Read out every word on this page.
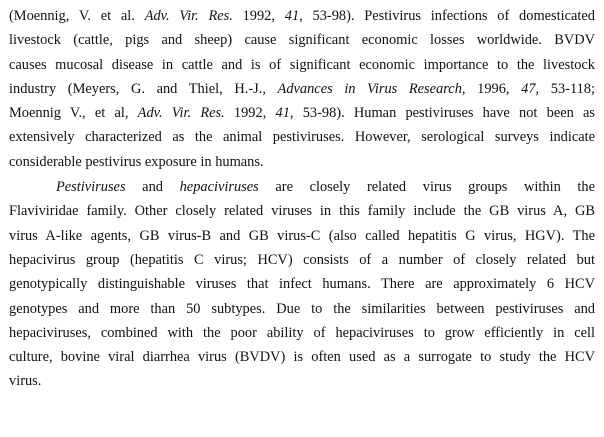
(Moennig, V. et al. Adv. Vir. Res. 1992, 41, 53-98). Pestivirus infections of domesticated
livestock (cattle, pigs and sheep) cause significant economic losses worldwide. BVDV
causes mucosal disease in cattle and is of significant economic importance to the livestock
industry (Meyers, G. and Thiel, H.-J., Advances in Virus Research, 1996, 47, 53-118;
Moennig V., et al, Adv. Vir. Res. 1992, 41, 53-98). Human pestiviruses have not been as
extensively characterized as the animal pestiviruses. However, serological surveys indicate
considerable pestivirus exposure in humans.
Pestiviruses and hepaciviruses are closely related virus groups within the
Flaviviridae family. Other closely related viruses in this family include the GB virus A, GB
virus A-like agents, GB virus-B and GB virus-C (also called hepatitis G virus, HGV). The
hepacivirus group (hepatitis C virus; HCV) consists of a number of closely related but
genotypically distinguishable viruses that infect humans. There are approximately 6 HCV
genotypes and more than 50 subtypes. Due to the similarities between pestiviruses and
hepaciviruses, combined with the poor ability of hepaciviruses to grow efficiently in cell
culture, bovine viral diarrhea virus (BVDV) is often used as a surrogate to study the HCV
virus.
